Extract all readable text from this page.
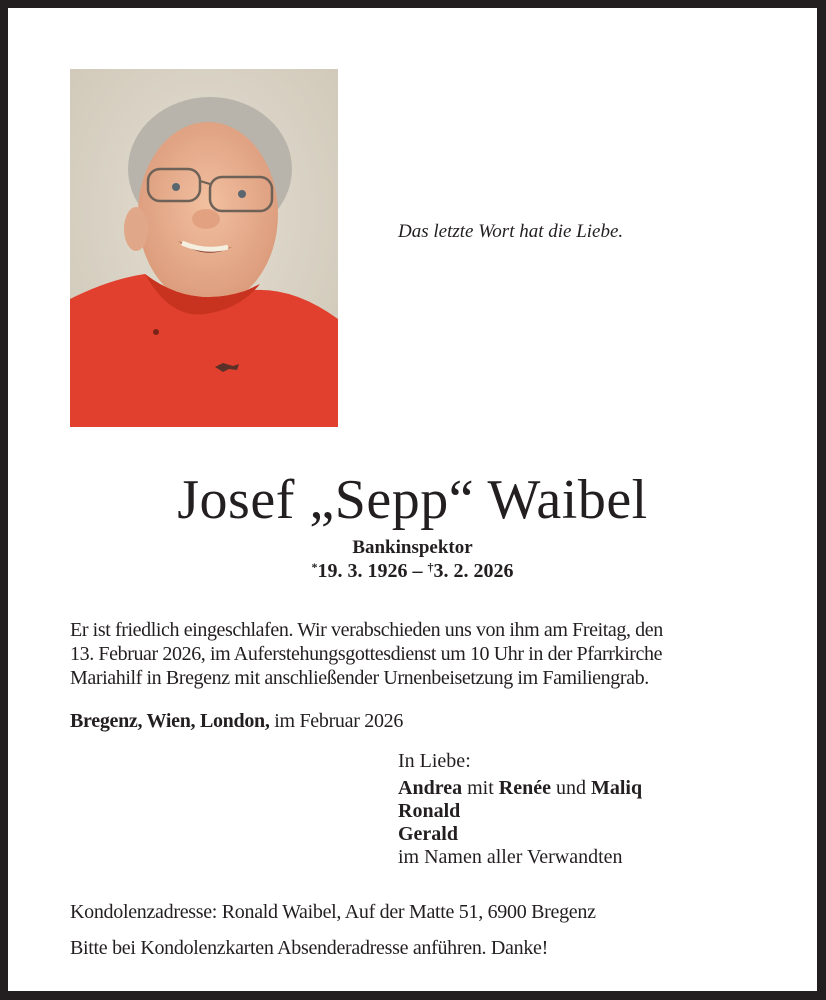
Das letzte Wort hat die Liebe.
Josef „Sepp“ Waibel
Bankinspektor
*19. 3. 1926 – †3. 2. 2026
Er ist friedlich eingeschlafen. Wir verabschieden uns von ihm am Freitag, den
13. Februar 2026, im Auferstehungsgottesdienst um 10 Uhr in der Pfarrkirche
Mariahilf in Bregenz mit anschließender Urnenbeisetzung im Familiengrab.
Bregenz, Wien, London, im Februar 2026
In Liebe:
Andrea mit Renée und Maliq
Ronald
Gerald
im Namen aller Verwandten
Kondolenzadresse: Ronald Waibel, Auf der Matte 51, 6900 Bregenz
Bitte bei Kondolenzkarten Absenderadresse anführen. Danke!
